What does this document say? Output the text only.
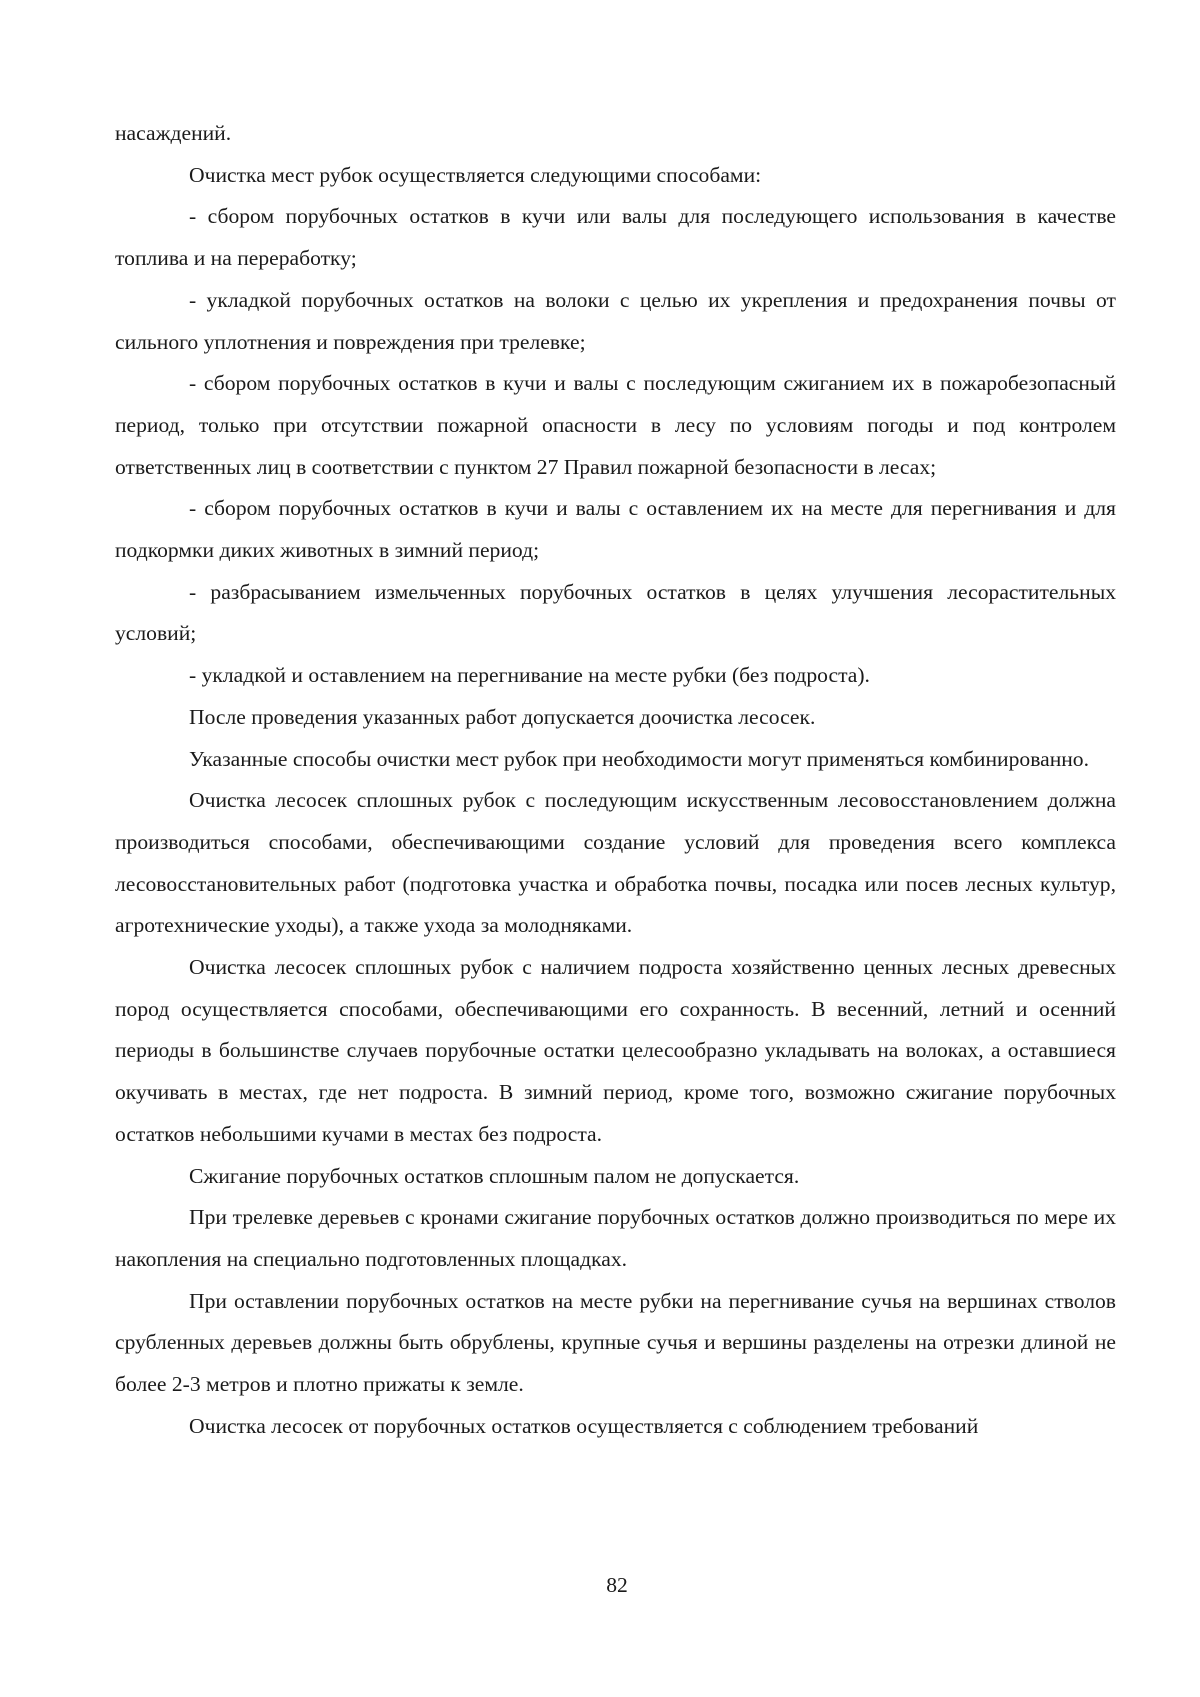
насаждений.

Очистка мест рубок осуществляется следующими способами:

- сбором порубочных остатков в кучи или валы для последующего использования в качестве топлива и на переработку;

- укладкой порубочных остатков на волоки с целью их укрепления и предохранения почвы от сильного уплотнения и повреждения при трелевке;

- сбором порубочных остатков в кучи и валы с последующим сжиганием их в пожаробезопасный период, только при отсутствии пожарной опасности в лесу по условиям погоды и под контролем ответственных лиц в соответствии с пунктом 27 Правил пожарной безопасности в лесах;

- сбором порубочных остатков в кучи и валы с оставлением их на месте для перегнивания и для подкормки диких животных в зимний период;

- разбрасыванием измельченных порубочных остатков в целях улучшения лесорастительных условий;

- укладкой и оставлением на перегнивание на месте рубки (без подроста).

После проведения указанных работ допускается доочистка лесосек.

Указанные способы очистки мест рубок при необходимости могут применяться комбинированно.

Очистка лесосек сплошных рубок с последующим искусственным лесовосстановлением должна производиться способами, обеспечивающими создание условий для проведения всего комплекса лесовосстановительных работ (подготовка участка и обработка почвы, посадка или посев лесных культур, агротехнические уходы), а также ухода за молодняками.

Очистка лесосек сплошных рубок с наличием подроста хозяйственно ценных лесных древесных пород осуществляется способами, обеспечивающими его сохранность. В весенний, летний и осенний периоды в большинстве случаев порубочные остатки целесообразно укладывать на волоках, а оставшиеся окучивать в местах, где нет подроста. В зимний период, кроме того, возможно сжигание порубочных остатков небольшими кучами в местах без подроста.

Сжигание порубочных остатков сплошным палом не допускается.

При трелевке деревьев с кронами сжигание порубочных остатков должно производиться по мере их накопления на специально подготовленных площадках.

При оставлении порубочных остатков на месте рубки на перегнивание сучья на вершинах стволов срубленных деревьев должны быть обрублены, крупные сучья и вершины разделены на отрезки длиной не более 2-3 метров и плотно прижаты к земле.

Очистка лесосек от порубочных остатков осуществляется с соблюдением требований

82
